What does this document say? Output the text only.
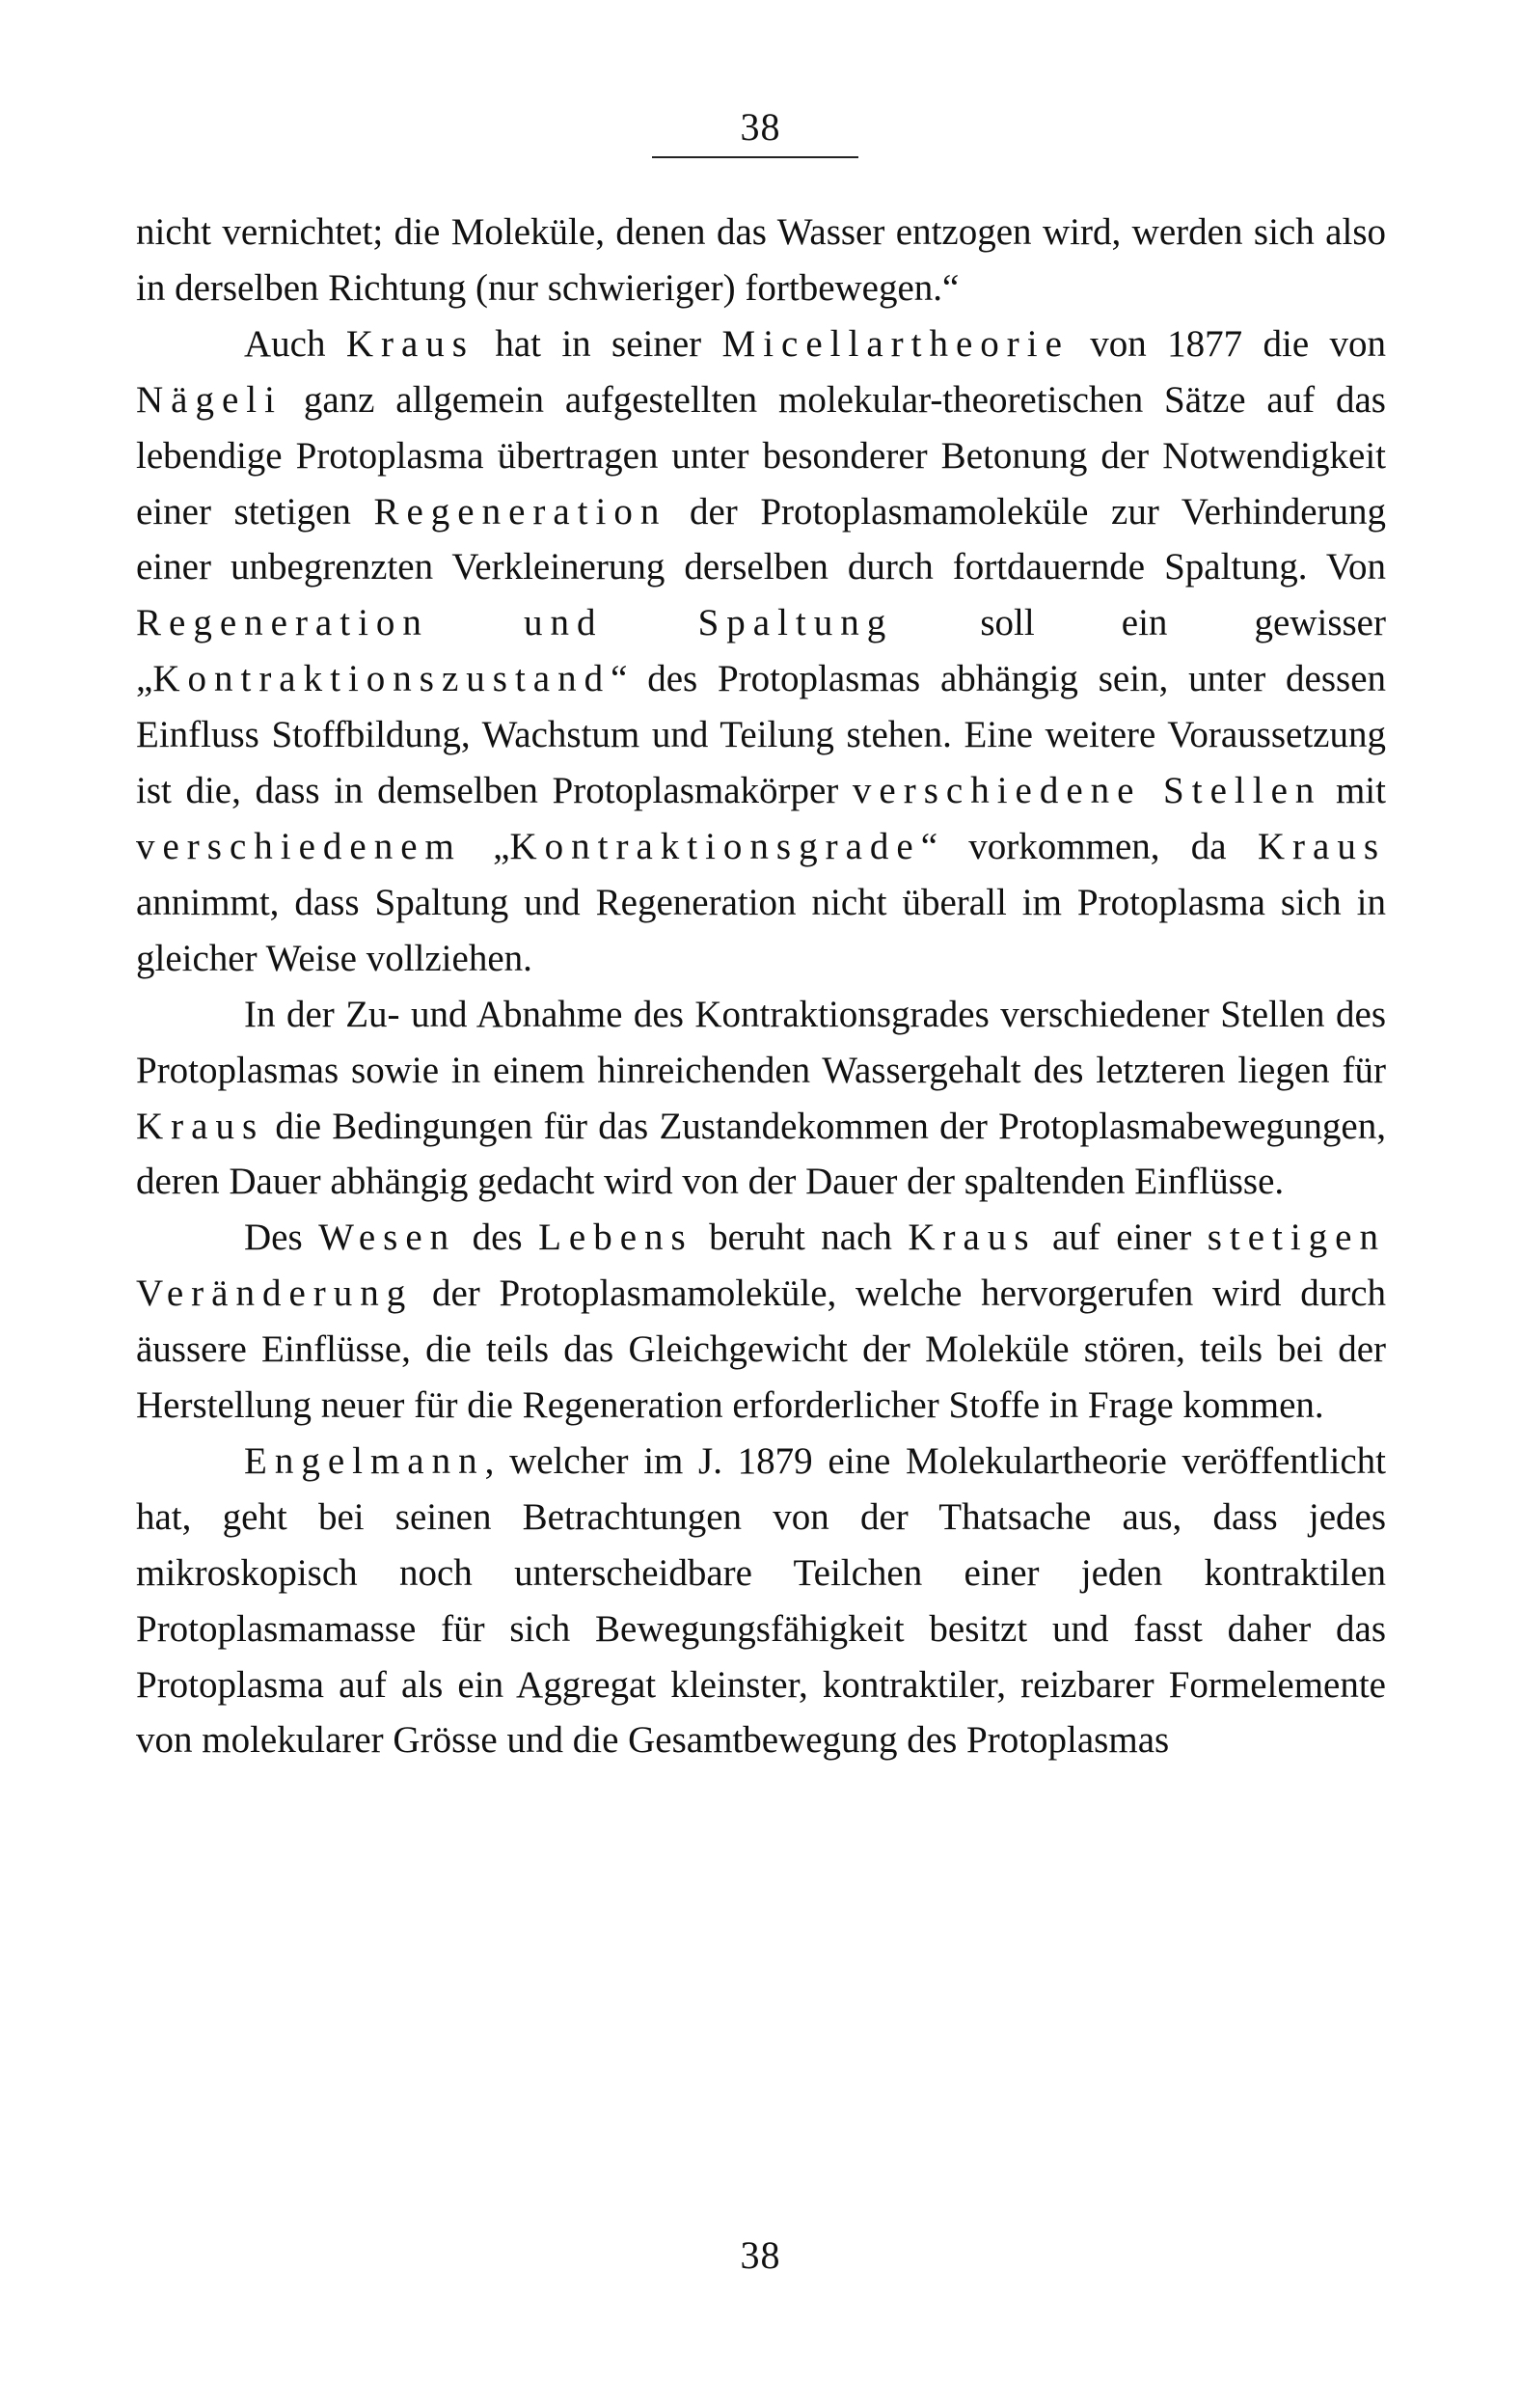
38

nicht vernichtet; die Moleküle, denen das Wasser entzogen wird, werden sich also in derselben Richtung (nur schwieriger) fortbewegen.“

Auch Kraus hat in seiner Micellartheorie von 1877 die von Nägeli ganz allgemein aufgestellten molekular-theoretischen Sätze auf das lebendige Protoplasma übertragen unter besonderer Betonung der Notwendigkeit einer stetigen Regeneration der Protoplasmamoleküle zur Verhinderung einer unbegrenzten Verkleinerung derselben durch fortdauernde Spaltung. Von Regeneration und Spaltung soll ein gewisser „Kontraktionszustand“ des Protoplasmas abhängig sein, unter dessen Einfluss Stoffbildung, Wachstum und Teilung stehen. Eine weitere Voraussetzung ist die, dass in demselben Protoplasmakörper verschiedene Stellen mit verschiedenem „Kontraktionsgrade“ vorkommen, da Kraus annimmt, dass Spaltung und Regeneration nicht überall im Protoplasma sich in gleicher Weise vollziehen.

In der Zu- und Abnahme des Kontraktionsgrades verschiedener Stellen des Protoplasmas sowie in einem hinreichenden Wassergehalt des letzteren liegen für Kraus die Bedingungen für das Zustandekommen der Protoplasmabewegungen, deren Dauer abhängig gedacht wird von der Dauer der spaltenden Einflüsse.

Des Wesen des Lebens beruht nach Kraus auf einer stetigen Veränderung der Protoplasmamoleküle, welche hervorgerufen wird durch äussere Einflüsse, die teils das Gleichgewicht der Moleküle stören, teils bei der Herstellung neuer für die Regeneration erforderlicher Stoffe in Frage kommen.

Engelmann, welcher im J. 1879 eine Molekulartheorie veröffentlicht hat, geht bei seinen Betrachtungen von der Thatsache aus, dass jedes mikroskopisch noch unterscheidbare Teilchen einer jeden kontraktilen Protoplasmamasse für sich Bewegungsfähigkeit besitzt und fasst daher das Protoplasma auf als ein Aggregat kleinster, kontraktiler, reizbarer Formelemente von molekularer Grösse und die Gesamtbewegung des Protoplasmas

38
